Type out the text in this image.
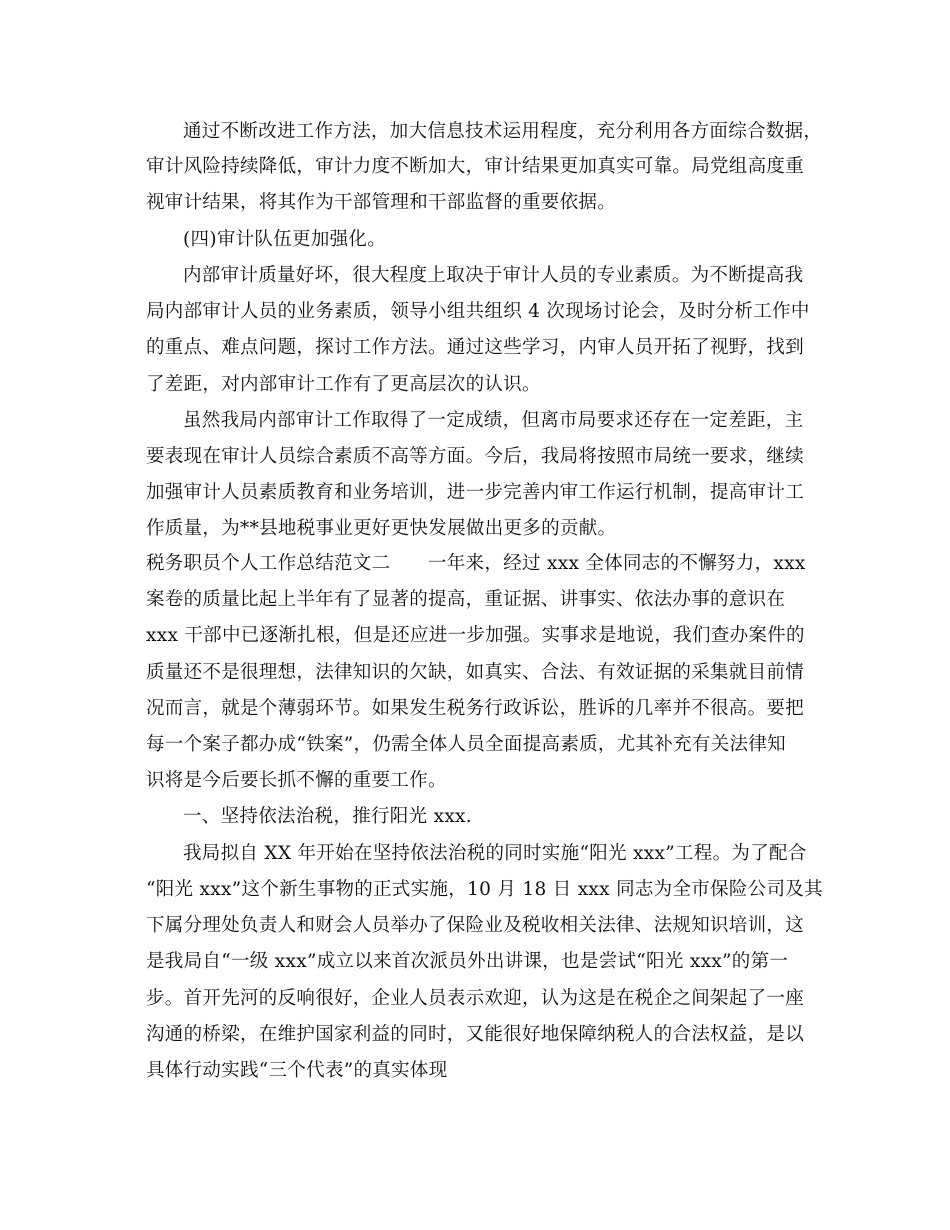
通过不断改进工作方法，加大信息技术运用程度，充分利用各方面综合数据，
审计风险持续降低，审计力度不断加大，审计结果更加真实可靠。局党组高度重
视审计结果，将其作为干部管理和干部监督的重要依据。
(四)审计队伍更加强化。
内部审计质量好坏，很大程度上取决于审计人员的专业素质。为不断提高我
局内部审计人员的业务素质，领导小组共组织 4 次现场讨论会，及时分析工作中
的重点、难点问题，探讨工作方法。通过这些学习，内审人员开拓了视野，找到
了差距，对内部审计工作有了更高层次的认识。
虽然我局内部审计工作取得了一定成绩，但离市局要求还存在一定差距，主
要表现在审计人员综合素质不高等方面。今后，我局将按照市局统一要求，继续
加强审计人员素质教育和业务培训，进一步完善内审工作运行机制，提高审计工
作质量，为**县地税事业更好更快发展做出更多的贡献。
税务职员个人工作总结范文二　　一年来，经过 xxx 全体同志的不懈努力，xxx
案卷的质量比起上半年有了显著的提高，重证据、讲事实、依法办事的意识在
xxx 干部中已逐渐扎根，但是还应进一步加强。实事求是地说，我们查办案件的
质量还不是很理想，法律知识的欠缺，如真实、合法、有效证据的采集就目前情
况而言，就是个薄弱环节。如果发生税务行政诉讼，胜诉的几率并不很高。要把
每一个案子都办成“铁案”，仍需全体人员全面提高素质，尤其补充有关法律知
识将是今后要长抓不懈的重要工作。
一、坚持依法治税，推行阳光 xxx.
我局拟自 XX 年开始在坚持依法治税的同时实施“阳光 xxx”工程。为了配合
“阳光 xxx”这个新生事物的正式实施，10 月 18 日 xxx 同志为全市保险公司及其
下属分理处负责人和财会人员举办了保险业及税收相关法律、法规知识培训，这
是我局自“一级 xxx”成立以来首次派员外出讲课，也是尝试“阳光 xxx”的第一
步。首开先河的反响很好，企业人员表示欢迎，认为这是在税企之间架起了一座
沟通的桥梁，在维护国家利益的同时，又能很好地保障纳税人的合法权益，是以
具体行动实践“三个代表”的真实体现
